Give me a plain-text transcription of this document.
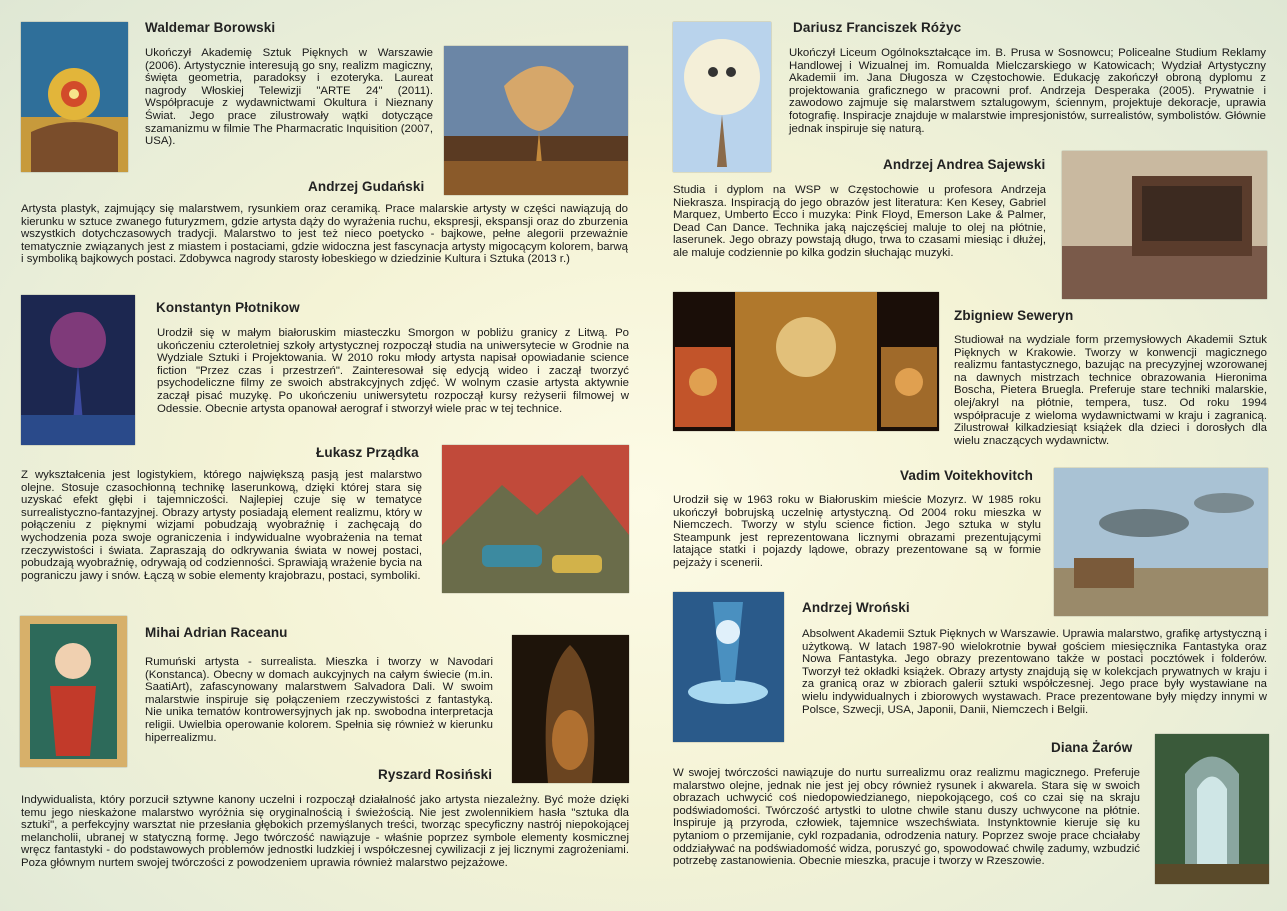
Waldemar Borowski

Ukończył Akademię Sztuk Pięknych w Warszawie (2006). Artystycznie interesują go sny, realizm magiczny, święta geometria, paradoksy i ezoteryka. Laureat nagrody Włoskiej Telewizji "ARTE 24" (2011). Współpracuje z wydawnictwami Okultura i Nieznany Świat. Jego prace zilustrowały wątki dotyczące szamanizmu w filmie The Pharmacratic Inquisition (2007, USA).

Andrzej Gudański

Artysta plastyk, zajmujący się malarstwem, rysunkiem oraz ceramiką. Prace malarskie artysty w części nawiązują do kierunku w sztuce zwanego futuryzmem, gdzie artysta dąży do wyrażenia ruchu, ekspresji, ekspansji oraz do zburzenia wszystkich dotychczasowych tradycji. Malarstwo to jest też nieco poetycko - bajkowe, pełne alegorii przeważnie tematycznie związanych jest z miastem i postaciami, gdzie widoczna jest fascynacja artysty migocącym kolorem, barwą i symboliką bajkowych postaci. Zdobywca nagrody starosty łobeskiego w dziedzinie Kultura i Sztuka (2013 r.)

Konstantyn Płotnikow

Urodził się w małym białoruskim miasteczku Smorgon w pobliżu granicy z Litwą. Po ukończeniu czteroletniej szkoły artystycznej rozpoczął studia na uniwersytecie w Grodnie na Wydziale Sztuki i Projektowania. W 2010 roku młody artysta napisał opowiadanie science fiction "Przez czas i przestrzeń". Zainteresował się edycją wideo i zaczął tworzyć psychodeliczne filmy ze swoich abstrakcyjnych zdjęć. W wolnym czasie artysta aktywnie zaczął pisać muzykę. Po ukończeniu uniwersytetu rozpoczął kursy reżyserii filmowej w Odessie. Obecnie artysta opanował aerograf i stworzył wiele prac w tej technice.

Łukasz Prządka

Z wykształcenia jest logistykiem, którego największą pasją jest malarstwo olejne. Stosuje czasochłonną technikę laserunkową, dzięki której stara się uzyskać efekt głębi i tajemniczości. Najlepiej czuje się w tematyce surrealistyczno-fantazyjnej. Obrazy artysty posiadają element realizmu, który w połączeniu z pięknymi wizjami pobudzają wyobraźnię i zachęcają do wychodzenia poza swoje ograniczenia i indywidualne wyobrażenia na temat rzeczywistości i świata. Zapraszają do odkrywania świata w nowej postaci, pobudzają wyobraźnię, odrywają od codzienności. Sprawiają wrażenie bycia na pograniczu jawy i snów. Łączą w sobie elementy krajobrazu, postaci, symboliki.

Mihai Adrian Raceanu

Rumuński artysta - surrealista. Mieszka i tworzy w Navodari (Konstanca). Obecny w domach aukcyjnych na całym świecie (m.in. SaatiArt), zafascynowany malarstwem Salvadora Dali. W swoim malarstwie inspiruje się połączeniem rzeczywistości z fantastyką. Nie unika tematów kontrowersyjnych jak np. swobodna interpretacja religii. Uwielbia operowanie kolorem. Spełnia się również w kierunku hiperrealizmu.

Ryszard Rosiński

Indywidualista, który porzucił sztywne kanony uczelni i rozpoczął działalność jako artysta niezależny. Być może dzięki temu jego nieskażone malarstwo wyróżnia się oryginalnością i świeżością. Nie jest zwolennikiem hasła "sztuka dla sztuki", a perfekcyjny warsztat nie przesłania głębokich przemyślanych treści, tworząc specyficzny nastrój niepokojącej melancholii, ubranej w statyczną formę. Jego twórczość nawiązuje - właśnie poprzez symbole elementy kosmicznej wręcz fantastyki - do podstawowych problemów jednostki ludzkiej i współczesnej cywilizacji z jej licznymi zagrożeniami. Poza głównym nurtem swojej twórczości z powodzeniem uprawia również malarstwo pejzażowe.

Dariusz Franciszek Różyc

Ukończył Liceum Ogólnokształcące im. B. Prusa w Sosnowcu; Policealne Studium Reklamy Handlowej i Wizualnej im. Romualda Mielczarskiego w Katowicach; Wydział Artystyczny Akademii im. Jana Długosza w Częstochowie. Edukację zakończył obroną dyplomu z projektowania graficznego w pracowni prof. Andrzeja Desperaka (2005). Prywatnie i zawodowo zajmuje się malarstwem sztalugowym, ściennym, projektuje dekoracje, uprawia fotografię. Inspiracje znajduje w malarstwie impresjonistów, surrealistów, symbolistów. Głównie jednak inspiruje się naturą.

Andrzej Andrea Sajewski

Studia i dyplom na WSP w Częstochowie u profesora Andrzeja Niekrasza. Inspiracją do jego obrazów jest literatura: Ken Kesey, Gabriel Marquez, Umberto Ecco i muzyka: Pink Floyd, Emerson Lake & Palmer, Dead Can Dance. Technika jaką najczęściej maluje to olej na płótnie, laserunek. Jego obrazy powstają długo, trwa to czasami miesiąc i dłużej, ale maluje codziennie po kilka godzin słuchając muzyki.

Zbigniew Seweryn

Studiował na wydziale form przemysłowych Akademii Sztuk Pięknych w Krakowie. Tworzy w konwencji magicznego realizmu fantastycznego, bazując na precyzyjnej wzorowanej na dawnych mistrzach technice obrazowania Hieronima Boscha, Pietera Bruegla. Preferuje stare techniki malarskie, olej/akryl na płótnie, tempera, tusz. Od roku 1994 współpracuje z wieloma wydawnictwami w kraju i zagranicą. Zilustrował kilkadziesiąt książek dla dzieci i dorosłych dla wielu znaczących wydawnictw.

Vadim Voitekhovitch

Urodził się w 1963 roku w Białoruskim mieście Mozyrz. W 1985 roku ukończył bobrujską uczelnię artystyczną. Od 2004 roku mieszka w Niemczech. Tworzy w stylu science fiction. Jego sztuka w stylu Steampunk jest reprezentowana licznymi obrazami prezentującymi latające statki i pojazdy lądowe, obrazy prezentowane są w formie pejzaży i scenerii.

Andrzej Wroński

Absolwent Akademii Sztuk Pięknych w Warszawie. Uprawia malarstwo, grafikę artystyczną i użytkową. W latach 1987-90 wielokrotnie bywał gościem miesięcznika Fantastyka oraz Nowa Fantastyka. Jego obrazy prezentowano także w postaci pocztówek i folderów. Tworzył też okładki książek. Obrazy artysty znajdują się w kolekcjach prywatnych w kraju i za granicą oraz w zbiorach galerii sztuki współczesnej. Jego prace były wystawiane na wielu indywidualnych i zbiorowych wystawach. Prace prezentowane były między innymi w Polsce, Szwecji, USA, Japonii, Danii, Niemczech i Belgii.

Diana Żarów

W swojej twórczości nawiązuje do nurtu surrealizmu oraz realizmu magicznego. Preferuje malarstwo olejne, jednak nie jest jej obcy również rysunek i akwarela. Stara się w swoich obrazach uchwycić coś niedopowiedzianego, niepokojącego, coś co czai się na skraju podświadomości. Twórczość artystki to ulotne chwile stanu duszy uchwycone na płótnie. Inspiruje ją przyroda, człowiek, tajemnice wszechświata. Instynktownie kieruje się ku pytaniom o przemijanie, cykl rozpadania, odrodzenia natury. Poprzez swoje prace chciałaby oddziaływać na podświadomość widza, poruszyć go, spowodować chwilę zadumy, wzbudzić potrzebę zastanowienia. Obecnie mieszka, pracuje i tworzy w Rzeszowie.
